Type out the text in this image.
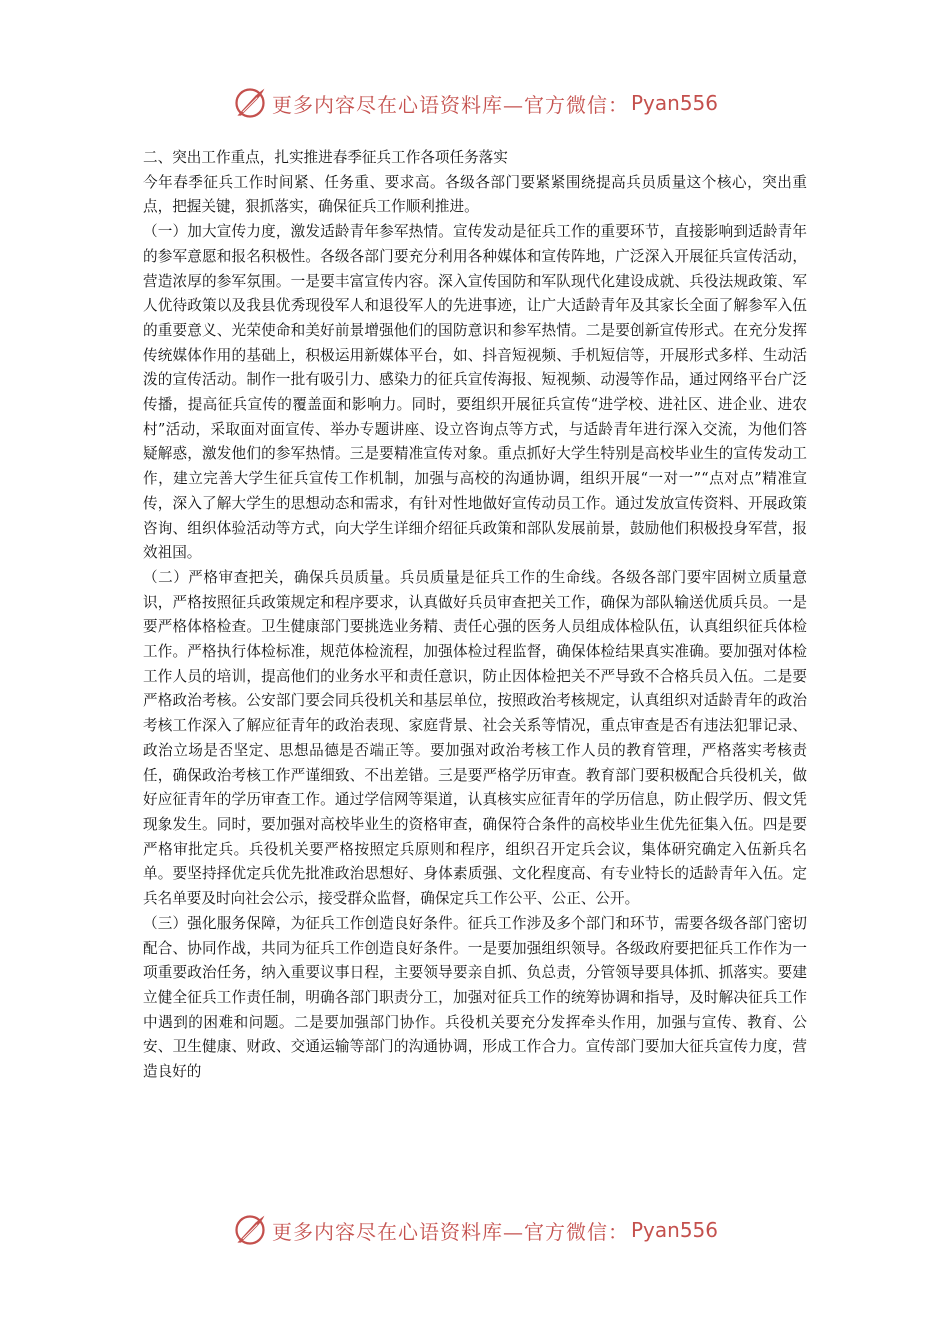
更多内容尽在心语资料库—官方微信： Pyan556

二、突出工作重点，扎实推进春季征兵工作各项任务落实

今年春季征兵工作时间紧、任务重、要求高。各级各部门要紧紧围绕提高兵员质量这个核心，突出重点，把握关键，狠抓落实，确保征兵工作顺利推进。

（一）加大宣传力度，激发适龄青年参军热情。宣传发动是征兵工作的重要环节，直接影响到适龄青年的参军意愿和报名积极性。各级各部门要充分利用各种媒体和宣传阵地，广泛深入开展征兵宣传活动，营造浓厚的参军氛围。一是要丰富宣传内容。深入宣传国防和军队现代化建设成就、兵役法规政策、军人优待政策以及我县优秀现役军人和退役军人的先进事迹，让广大适龄青年及其家长全面了解参军入伍的重要意义、光荣使命和美好前景增强他们的国防意识和参军热情。二是要创新宣传形式。在充分发挥传统媒体作用的基础上，积极运用新媒体平台，如、抖音短视频、手机短信等，开展形式多样、生动活泼的宣传活动。制作一批有吸引力、感染力的征兵宣传海报、短视频、动漫等作品，通过网络平台广泛传播，提高征兵宣传的覆盖面和影响力。同时，要组织开展征兵宣传“进学校、进社区、进企业、进农村”活动，采取面对面宣传、举办专题讲座、设立咨询点等方式，与适龄青年进行深入交流，为他们答疑解惑，激发他们的参军热情。三是要精准宣传对象。重点抓好大学生特别是高校毕业生的宣传发动工作，建立完善大学生征兵宣传工作机制，加强与高校的沟通协调，组织开展“一对一”“点对点”精准宣传，深入了解大学生的思想动态和需求，有针对性地做好宣传动员工作。通过发放宣传资料、开展政策咨询、组织体验活动等方式，向大学生详细介绍征兵政策和部队发展前景，鼓励他们积极投身军营，报效祖国。

（二）严格审查把关，确保兵员质量。兵员质量是征兵工作的生命线。各级各部门要牢固树立质量意识，严格按照征兵政策规定和程序要求，认真做好兵员审查把关工作，确保为部队输送优质兵员。一是要严格体格检查。卫生健康部门要挑选业务精、责任心强的医务人员组成体检队伍，认真组织征兵体检工作。严格执行体检标准，规范体检流程，加强体检过程监督，确保体检结果真实准确。要加强对体检工作人员的培训，提高他们的业务水平和责任意识，防止因体检把关不严导致不合格兵员入伍。二是要严格政治考核。公安部门要会同兵役机关和基层单位，按照政治考核规定，认真组织对适龄青年的政治考核工作深入了解应征青年的政治表现、家庭背景、社会关系等情况，重点审查是否有违法犯罪记录、政治立场是否坚定、思想品德是否端正等。要加强对政治考核工作人员的教育管理，严格落实考核责任，确保政治考核工作严谨细致、不出差错。三是要严格学历审查。教育部门要积极配合兵役机关，做好应征青年的学历审查工作。通过学信网等渠道，认真核实应征青年的学历信息，防止假学历、假文凭现象发生。同时，要加强对高校毕业生的资格审查，确保符合条件的高校毕业生优先征集入伍。四是要严格审批定兵。兵役机关要严格按照定兵原则和程序，组织召开定兵会议，集体研究确定入伍新兵名单。要坚持择优定兵优先批准政治思想好、身体素质强、文化程度高、有专业特长的适龄青年入伍。定兵名单要及时向社会公示，接受群众监督，确保定兵工作公平、公正、公开。

（三）强化服务保障，为征兵工作创造良好条件。征兵工作涉及多个部门和环节，需要各级各部门密切配合、协同作战，共同为征兵工作创造良好条件。一是要加强组织领导。各级政府要把征兵工作作为一项重要政治任务，纳入重要议事日程，主要领导要亲自抓、负总责，分管领导要具体抓、抓落实。要建立健全征兵工作责任制，明确各部门职责分工，加强对征兵工作的统筹协调和指导，及时解决征兵工作中遇到的困难和问题。二是要加强部门协作。兵役机关要充分发挥牵头作用，加强与宣传、教育、公安、卫生健康、财政、交通运输等部门的沟通协调，形成工作合力。宣传部门要加大征兵宣传力度，营造良好的

更多内容尽在心语资料库—官方微信： Pyan556
